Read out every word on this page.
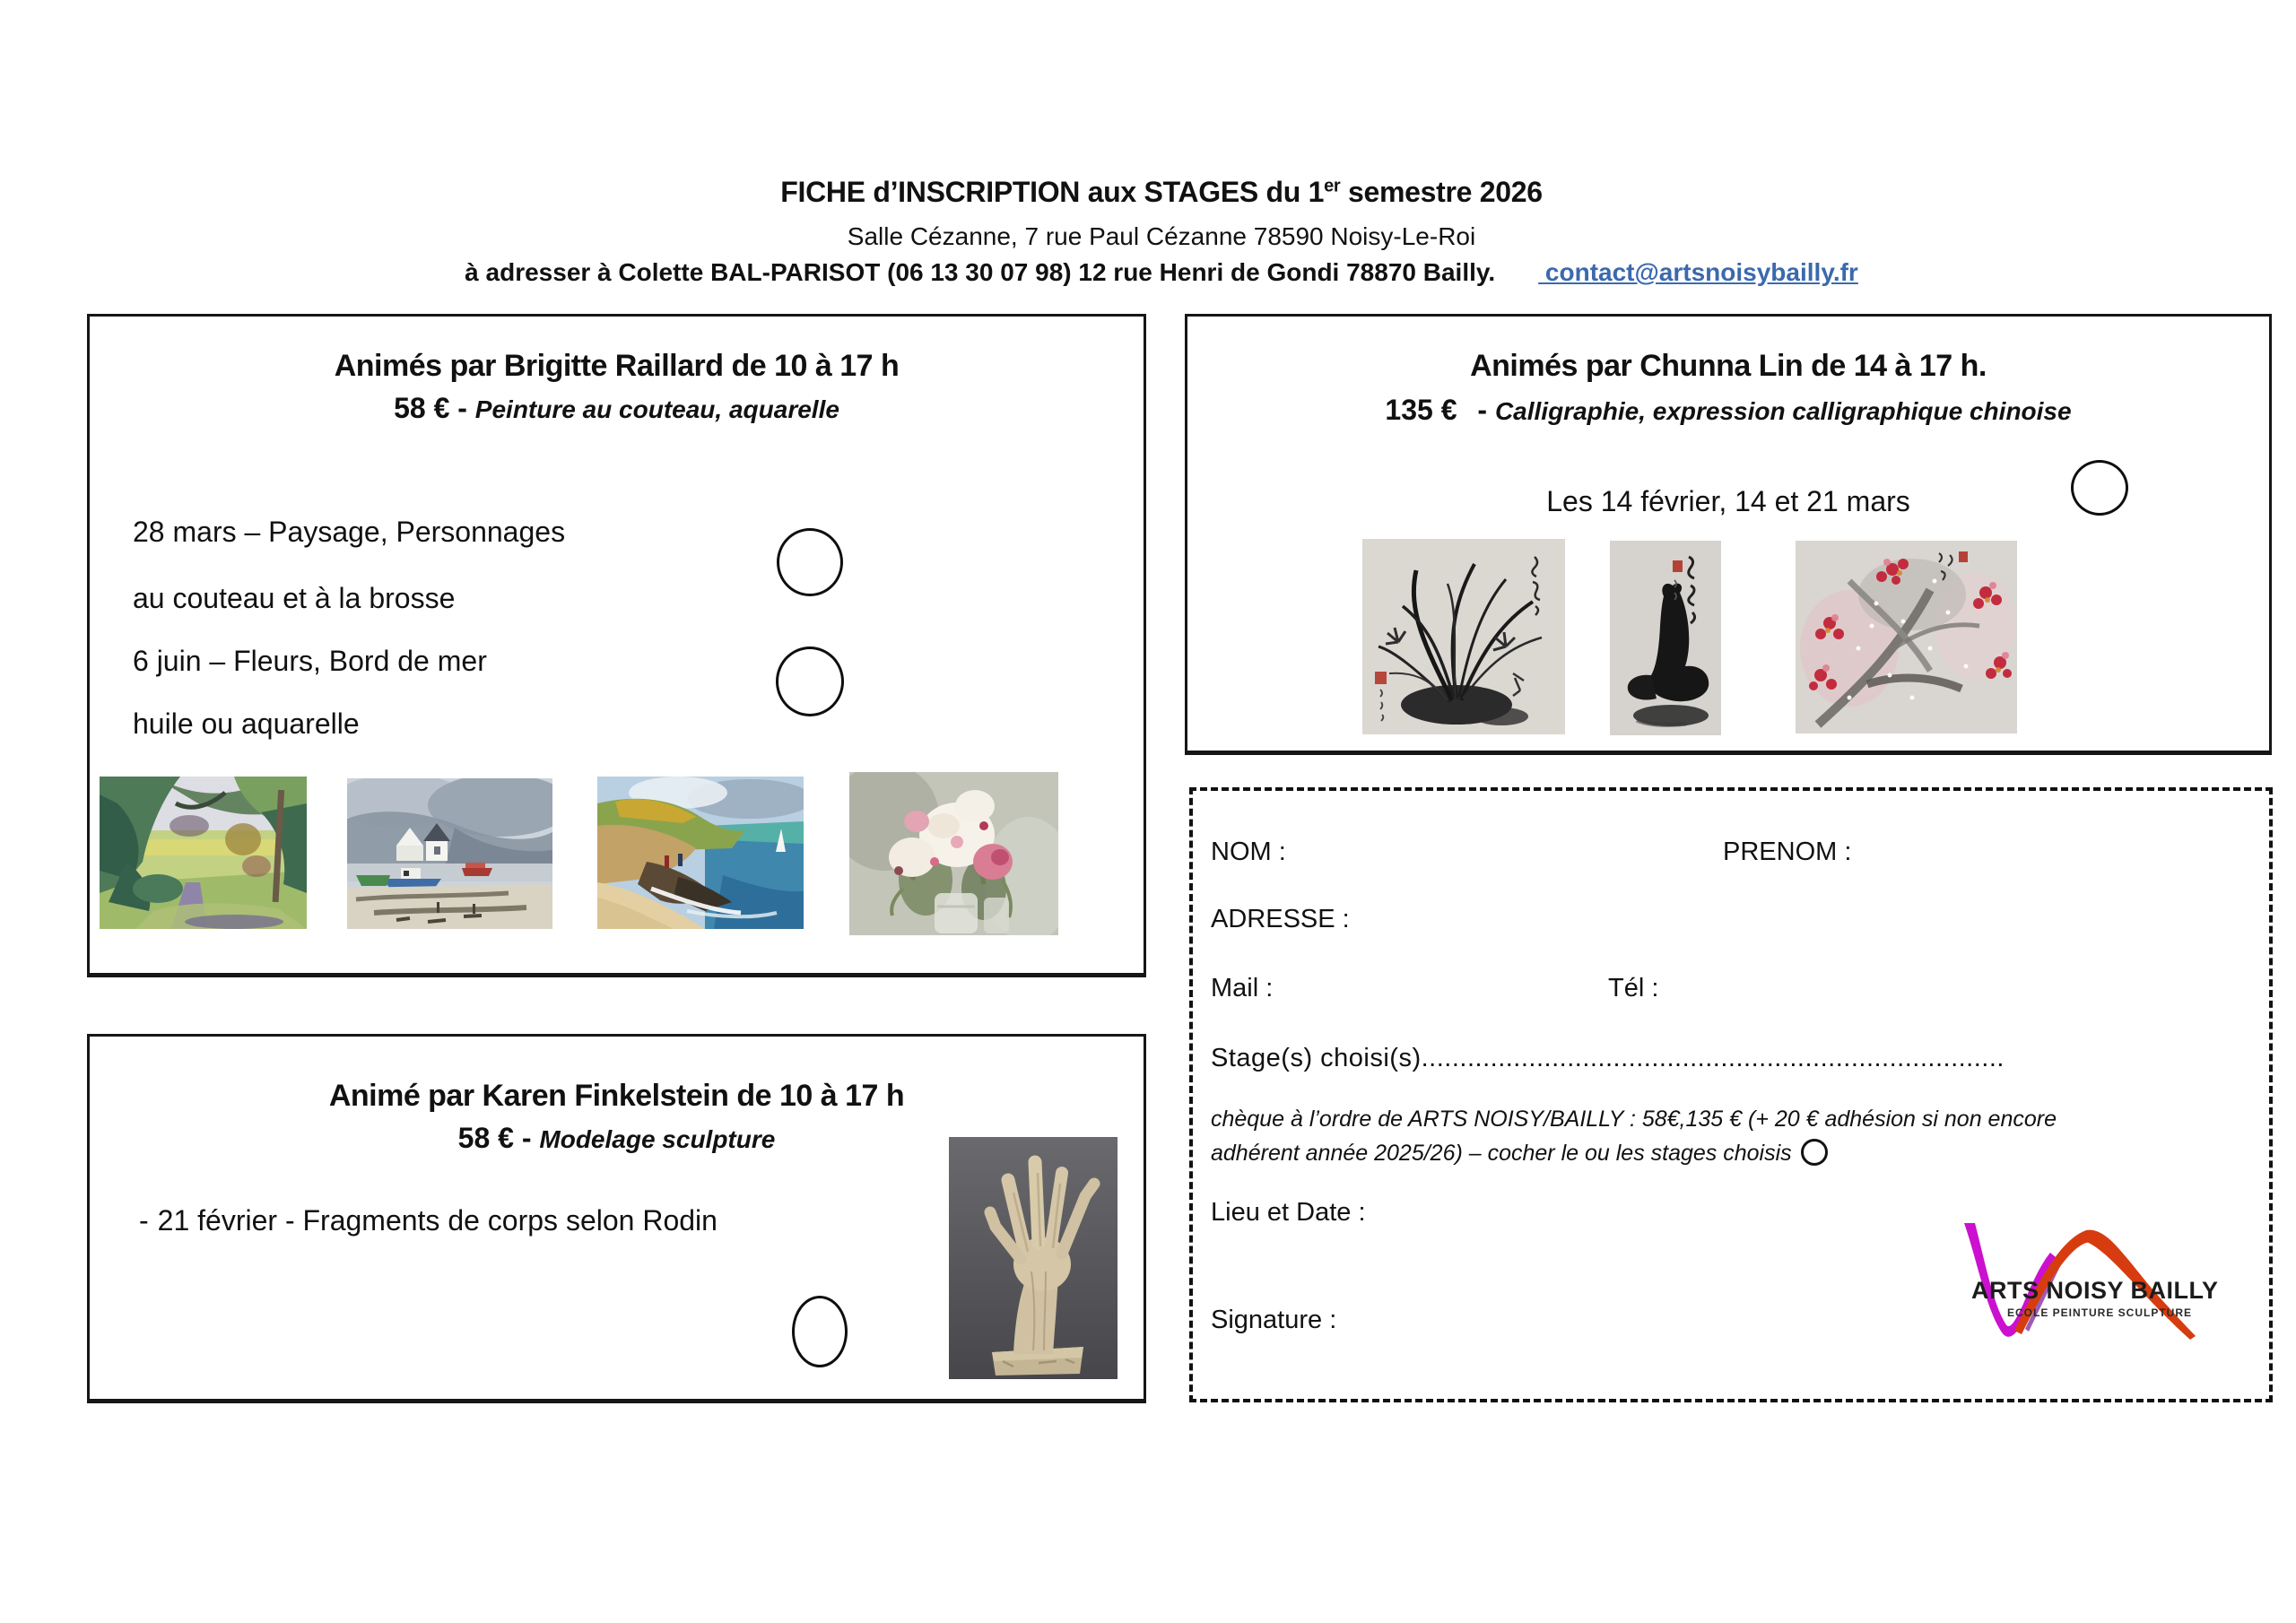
FICHE d’INSCRIPTION aux STAGES du 1er semestre 2026
Salle Cézanne, 7 rue Paul Cézanne 78590 Noisy-Le-Roi
à adresser à Colette BAL-PARISOT (06 13 30 07 98) 12 rue Henri de Gondi 78870 Bailly. contact@artsnoisybailly.fr
Animés par Brigitte Raillard de 10 à 17 h
58 € - Peinture au couteau, aquarelle
28 mars – Paysage, Personnages
au couteau et à la brosse
6 juin – Fleurs, Bord de mer
huile ou aquarelle
Animés par Chunna Lin de 14 à 17 h.
135 € - Calligraphie, expression calligraphique chinoise
Les 14 février, 14 et 21 mars
NOM :	PRENOM :
ADRESSE :
Mail :	Tél :
Stage(s) choisi(s)............................................................................
chèque à l’ordre de ARTS NOISY/BAILLY : 58€,135 € (+ 20 € adhésion si non encore
adhérent année 2025/26) – cocher le ou les stages choisis
Lieu et Date :
Signature :
ARTS NOISY BAILLY
ECOLE PEINTURE SCULPTURE
Animé par Karen Finkelstein de 10 à 17 h
58 € - Modelage sculpture
- 21 février - Fragments de corps selon Rodin
